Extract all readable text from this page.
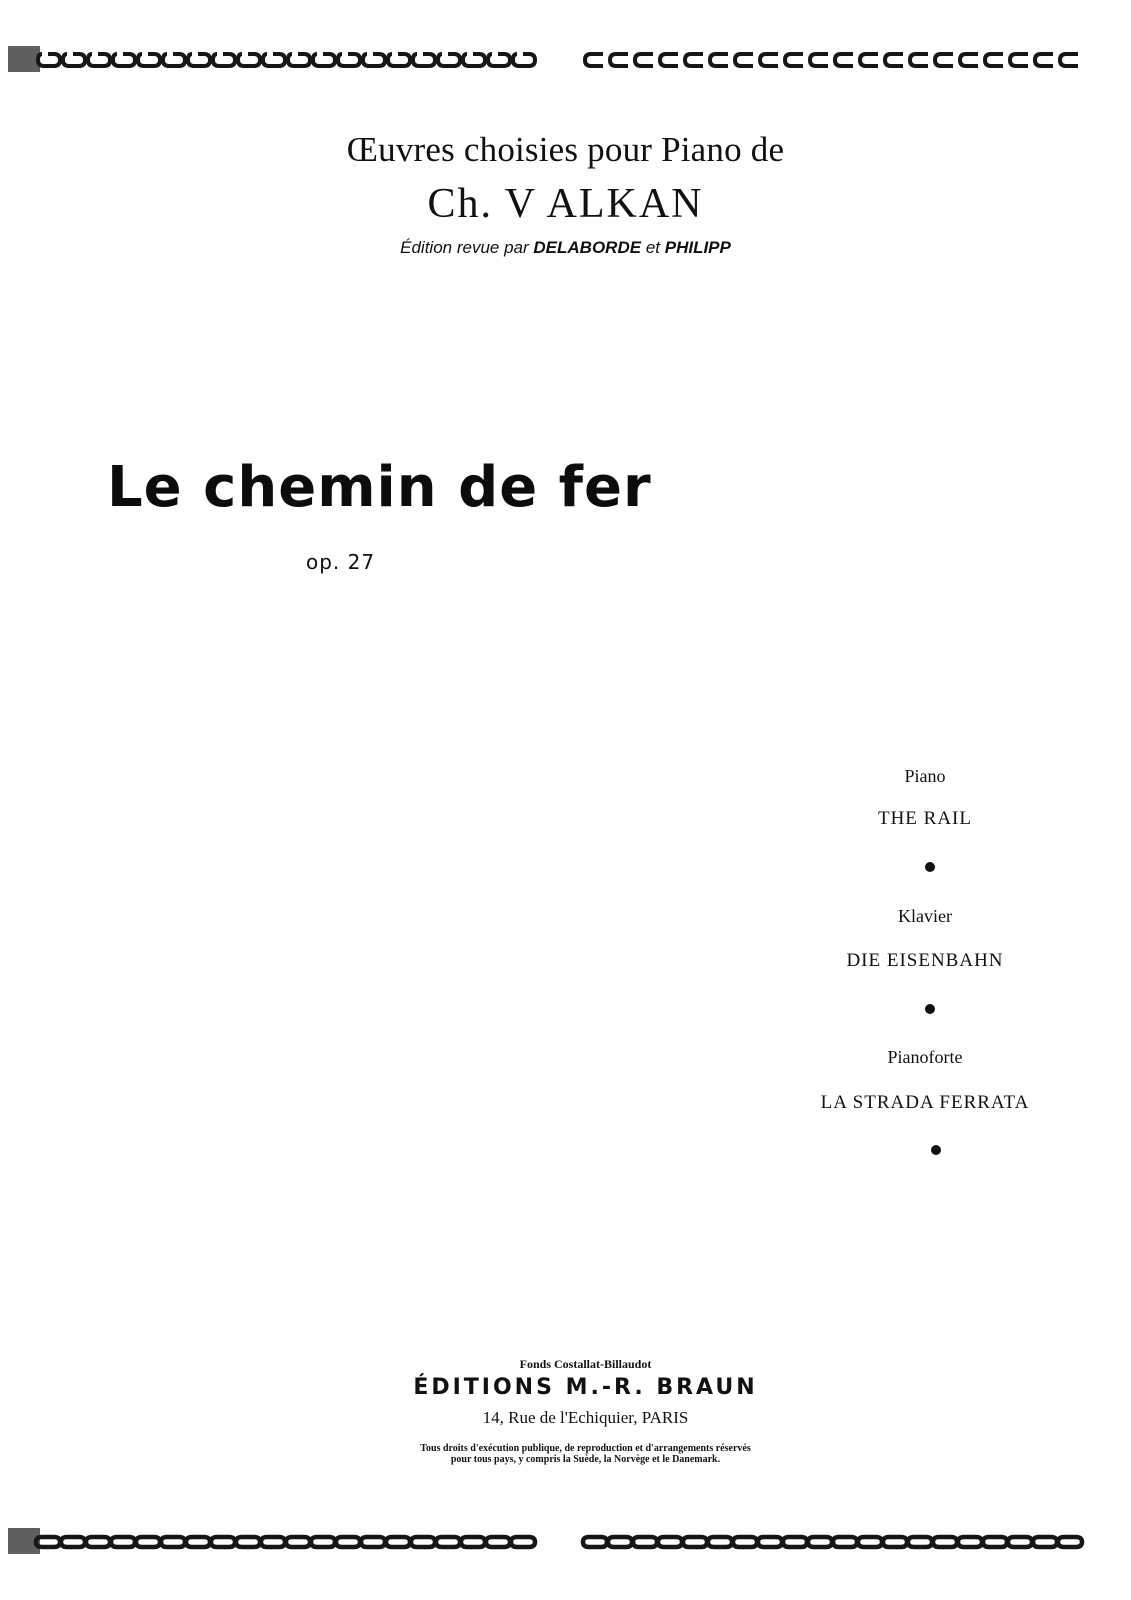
Œuvres choisies pour Piano de
Ch. V ALKAN
Édition revue par DELABORDE et PHILIPP
Le chemin de fer
op. 27
Piano
THE RAIL
Klavier
DIE EISENBAHN
Pianoforte
LA STRADA FERRATA
Fonds Costallat-Billaudot
ÉDITIONS M.-R. BRAUN
14, Rue de l'Echiquier, PARIS
Tous droits d'exécution publique, de reproduction et d'arrangements réservés
pour tous pays, y compris la Suède, la Norvège et le Danemark.
